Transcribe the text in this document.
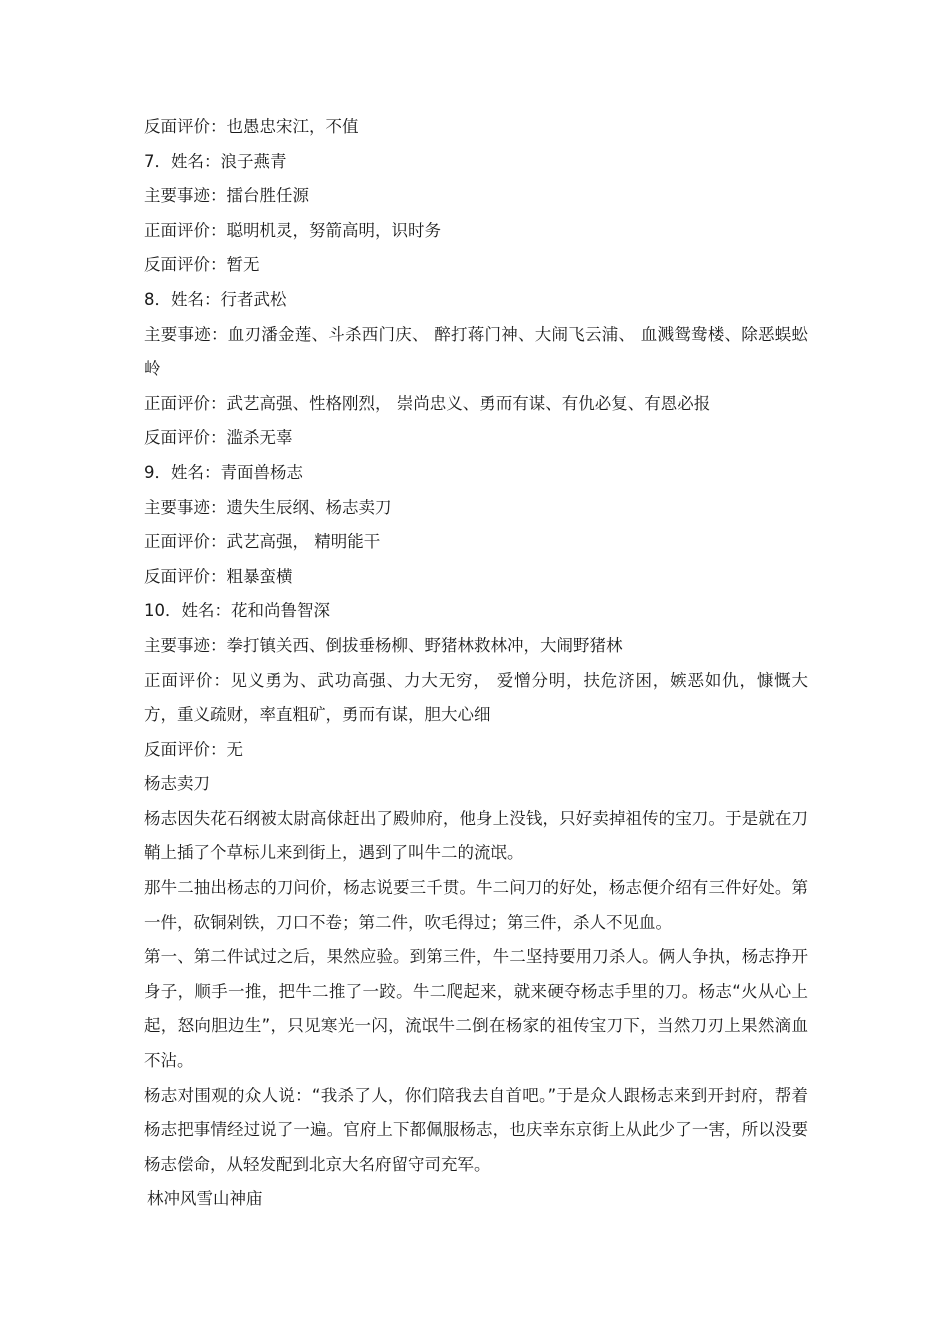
反面评价：也愚忠宋江，不值

7．姓名：浪子燕青

主要事迹：擂台胜任源

正面评价：聪明机灵，努箭高明，识时务

反面评价：暂无

8．姓名：行者武松

主要事迹：血刃潘金莲、斗杀西门庆、 醉打蒋门神、大闹飞云浦、 血溅鸳鸯楼、除恶蜈蚣岭

正面评价：武艺高强、性格刚烈， 崇尚忠义、勇而有谋、有仇必复、有恩必报

反面评价：滥杀无辜

9．姓名：青面兽杨志

主要事迹：遗失生辰纲、杨志卖刀

正面评价：武艺高强， 精明能干

反面评价：粗暴蛮横

10．姓名：花和尚鲁智深

主要事迹：拳打镇关西、倒拔垂杨柳、野猪林救林冲，大闹野猪林

正面评价：见义勇为、武功高强、力大无穷， 爱憎分明，扶危济困，嫉恶如仇，慷慨大方，重义疏财，率直粗矿，勇而有谋，胆大心细

反面评价：无

杨志卖刀

杨志因失花石纲被太尉高俅赶出了殿帅府，他身上没钱，只好卖掉祖传的宝刀。于是就在刀鞘上插了个草标儿来到街上，遇到了叫牛二的流氓。

那牛二抽出杨志的刀问价，杨志说要三千贯。牛二问刀的好处，杨志便介绍有三件好处。第一件，砍铜剁铁，刀口不卷；第二件，吹毛得过；第三件，杀人不见血。

第一、第二件试过之后，果然应验。到第三件，牛二坚持要用刀杀人。俩人争执，杨志挣开身子，顺手一推，把牛二推了一跤。牛二爬起来，就来硬夺杨志手里的刀。杨志“火从心上起，怒向胆边生”，只见寒光一闪，流氓牛二倒在杨家的祖传宝刀下，当然刀刃上果然滴血不沾。

杨志对围观的众人说：“我杀了人，你们陪我去自首吧。”于是众人跟杨志来到开封府，帮着杨志把事情经过说了一遍。官府上下都佩服杨志，也庆幸东京街上从此少了一害，所以没要杨志偿命，从轻发配到北京大名府留守司充军。

林冲风雪山神庙
